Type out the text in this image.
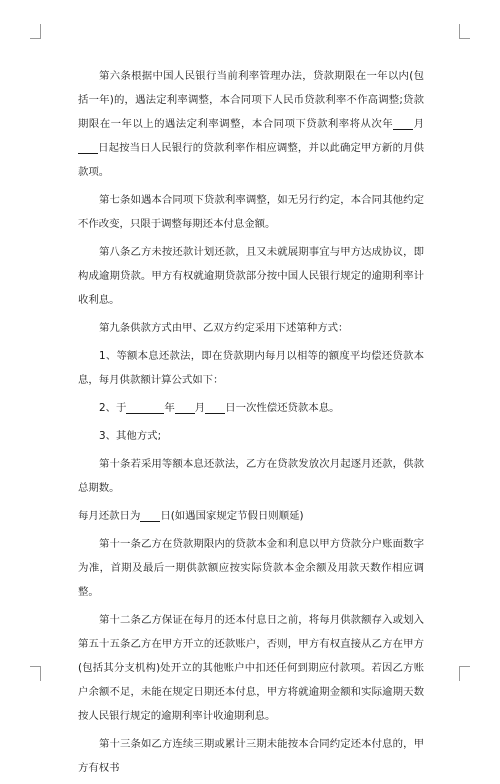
第六条根据中国人民银行当前利率管理办法，贷款期限在一年以内(包括一年)的，遇法定利率调整，本合同项下人民币贷款利率不作高调整;贷款期限在一年以上的遇法定利率调整，本合同项下贷款利率将从次年 月日起按当日人民银行的贷款利率作相应调整，并以此确定甲方新的月供款项。

第七条如遇本合同项下贷款利率调整，如无另行约定，本合同其他约定不作改变，只限于调整每期还本付息金额。

第八条乙方未按还款计划还款，且又未就展期事宜与甲方达成协议，即构成逾期贷款。甲方有权就逾期贷款部分按中国人民银行规定的逾期利率计收利息。

第九条供款方式由甲、乙双方约定采用下述第种方式：

1、等额本息还款法，即在贷款期内每月以相等的额度平均偿还贷款本息，每月供款额计算公式如下：

2、于	年 月 日一次性偿还贷款本息。

3、其他方式;

第十条若采用等额本息还款法，乙方在贷款发放次月起逐月还款，供款总期数。

每月还款日为 日(如遇国家规定节假日则顺延)

第十一条乙方在贷款期限内的贷款本金和利息以甲方贷款分户账面数字为准，首期及最后一期供款额应按实际贷款本金余额及用款天数作相应调整。

第十二条乙方保证在每月的还本付息日之前，将每月供款额存入或划入第五十五条乙方在甲方开立的还款账户，否则，甲方有权直接从乙方在甲方(包括其分支机构)处开立的其他账户中扣还任何到期应付款项。若因乙方账户余额不足，未能在规定日期还本付息，甲方将就逾期金额和实际逾期天数按人民银行规定的逾期利率计收逾期利息。

第十三条如乙方连续三期或累计三期未能按本合同约定还本付息的，甲方有权书
